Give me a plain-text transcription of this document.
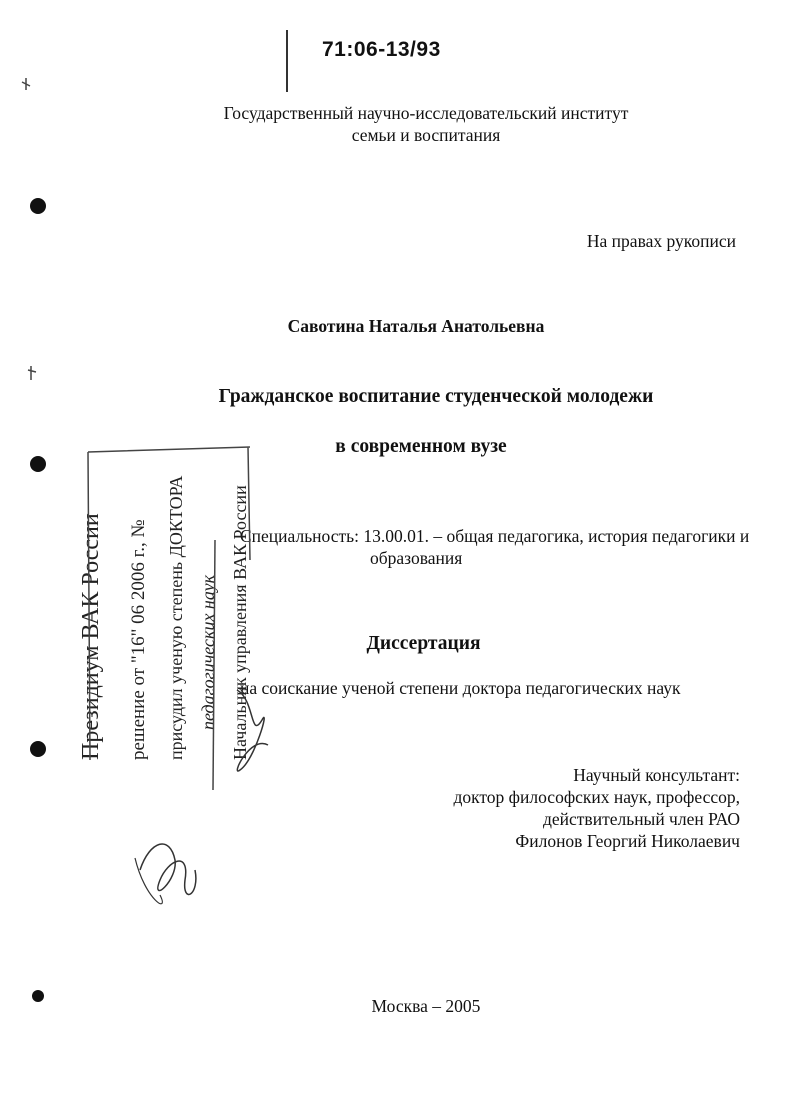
71:06-13/93
Государственный научно-исследовательский институт
семьи и воспитания
На правах рукописи
Савотина Наталья Анатольевна
Гражданское воспитание студенческой молодежи
в современном вузе
Специальность: 13.00.01. – общая педагогика, история педагогики и
образования
Диссертация
на соискание ученой степени доктора педагогических наук
Научный консультант:
доктор философских наук, профессор,
действительный член РАО
Филонов Георгий Николаевич
Москва – 2005
Президиум ВАК России решение от "16" 06 2006 г., № присудил ученую степень ДОКТОРА педагогических наук Начальник управления ВАК России
